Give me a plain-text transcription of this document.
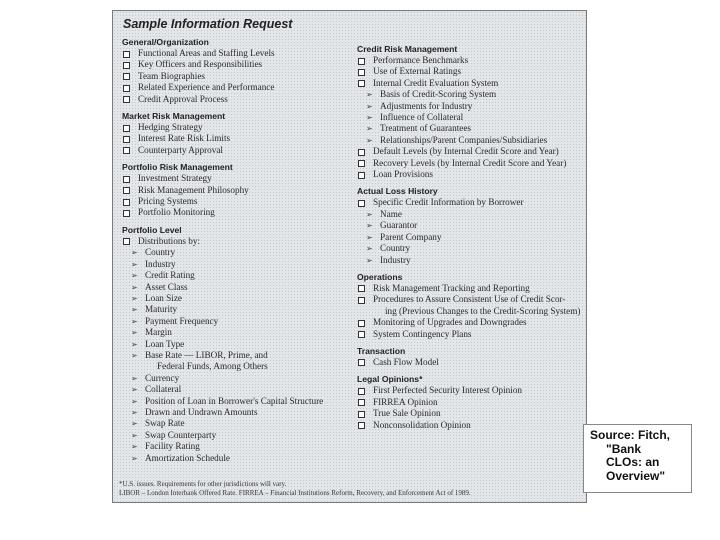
Sample Information Request
General/Organization
Functional Areas and Staffing Levels
Key Officers and Responsibilities
Team Biographies
Related Experience and Performance
Credit Approval Process
Market Risk Management
Hedging Strategy
Interest Rate Risk Limits
Counterparty Approval
Portfolio Risk Management
Investment Strategy
Risk Management Philosophy
Pricing Systems
Portfolio Monitoring
Portfolio Level
Distributions by:
➢ Country
➢ Industry
➢ Credit Rating
➢ Asset Class
➢ Loan Size
➢ Maturity
➢ Payment Frequency
➢ Margin
➢ Loan Type
➢ Base Rate — LIBOR, Prime, and
Federal Funds, Among Others
➢ Currency
➢ Collateral
➢ Position of Loan in Borrower's Capital Structure
➢ Drawn and Undrawn Amounts
➢ Swap Rate
➢ Swap Counterparty
➢ Facility Rating
➢ Amortization Schedule
Credit Risk Management
Performance Benchmarks
Use of External Ratings
Internal Credit Evaluation System
➢ Basis of Credit-Scoring System
➢ Adjustments for Industry
➢ Influence of Collateral
➢ Treatment of Guarantees
➢ Relationships/Parent Companies/Subsidiaries
Default Levels (by Internal Credit Score and Year)
Recovery Levels (by Internal Credit Score and Year)
Loan Provisions
Actual Loss History
Specific Credit Information by Borrower
➢ Name
➢ Guarantor
➢ Parent Company
➢ Country
➢ Industry
Operations
Risk Management Tracking and Reporting
Procedures to Assure Consistent Use of Credit Scor-
ing (Previous Changes to the Credit-Scoring System)
Monitoring of Upgrades and Downgrades
System Contingency Plans
Transaction
Cash Flow Model
Legal Opinions*
First Perfected Security Interest Opinion
FIRREA Opinion
True Sale Opinion
Nonconsolidation Opinion
*U.S. issues. Requirements for other jurisdictions will vary.
LIBOR – London Interbank Offered Rate. FIRREA – Financial Institutions Reform, Recovery, and Enforcement Act of 1989.
Source: Fitch,
"Bank
CLOs: an
Overview"
